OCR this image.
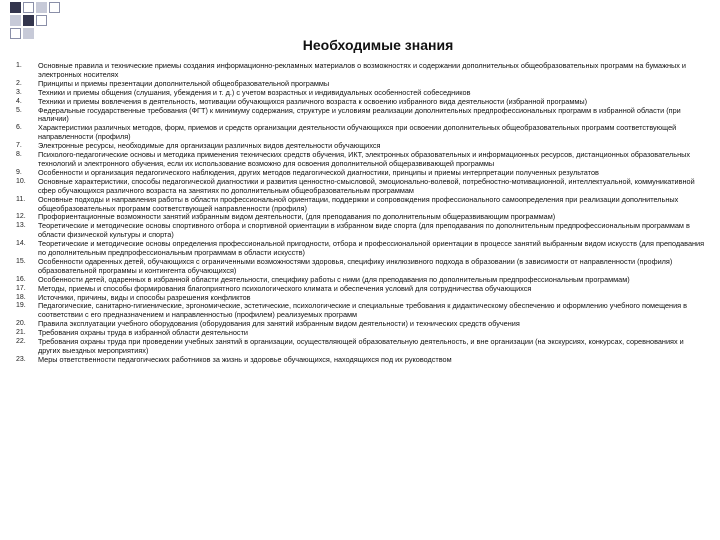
Необходимые знания
1.	Основные правила и технические приемы создания информационно-рекламных материалов о возможностях и содержании дополнительных общеобразовательных программ на бумажных и электронных носителях
2.	Принципы и приемы презентации дополнительной общеобразовательной программы
3.	Техники и приемы общения (слушания, убеждения и т. д.) с учетом возрастных и индивидуальных особенностей собеседников
4.	Техники и приемы вовлечения в деятельность, мотивации обучающихся различного возраста к освоению избранного вида деятельности (избранной программы)
5.	Федеральные государственные требования (ФГТ) к минимуму содержания, структуре и условиям реализации дополнительных предпрофессиональных программ в избранной области (при наличии)
6.	Характеристики различных методов, форм, приемов и средств организации деятельности обучающихся при освоении дополнительных общеобразовательных программ соответствующей направленности (профиля)
7.	Электронные ресурсы, необходимые для организации различных видов деятельности обучающихся
8.	Психолого-педагогические основы и методика применения технических средств обучения, ИКТ, электронных образовательных и информационных ресурсов, дистанционных образовательных технологий и электронного обучения, если их использование возможно для освоения дополнительной общеразвивающей программы
9.	Особенности и организация педагогического наблюдения, других методов педагогической диагностики, принципы и приемы интерпретации полученных результатов
10.	Основные характеристики, способы педагогической диагностики и развития ценностно-смысловой, эмоционально-волевой, потребностно-мотивационной, интеллектуальной, коммуникативной сфер обучающихся различного возраста на занятиях по дополнительным общеобразовательным программам
11.	Основные подходы и направления работы в области профессиональной ориентации, поддержки и сопровождения профессионального самоопределения при реализации дополнительных общеобразовательных программ соответствующей направленности (профиля)
12.	Профориентационные возможности занятий избранным видом деятельности, (для преподавания по дополнительным общеразвивающим программам)
13.	Теоретические и методические основы спортивного отбора и спортивной ориентации в избранном виде спорта (для преподавания по дополнительным предпрофессиональным программам в области физической культуры и спорта)
14.	Теоретические и методические основы определения профессиональной пригодности, отбора и профессиональной ориентации в процессе занятий выбранным видом искусств (для преподавания по дополнительным предпрофессиональным программам в области искусств)
15.	Особенности одаренных детей, обучающихся с ограниченными возможностями здоровья, специфику инклюзивного подхода в образовании (в зависимости от направленности (профиля) образовательной программы и контингента обучающихся)
16.	Особенности детей, одаренных в избранной области деятельности, специфику работы с ними (для преподавания по дополнительным предпрофессиональным программам)
17.	Методы, приемы и способы формирования благоприятного психологического климата и обеспечения условий для сотрудничества обучающихся
18.	Источники, причины, виды и способы разрешения конфликтов
19.	Педагогические, санитарно-гигиенические, эргономические, эстетические, психологические и специальные требования к дидактическому обеспечению и оформлению учебного помещения в соответствии с его предназначением и направленностью (профилем) реализуемых программ
20.	Правила эксплуатации учебного оборудования (оборудования для занятий избранным видом деятельности) и технических средств обучения
21.	Требования охраны труда в избранной области деятельности
22.	Требования охраны труда при проведении учебных занятий в организации, осуществляющей образовательную деятельность, и вне организации (на экскурсиях, конкурсах, соревнованиях и других выездных мероприятиях)
23.	Меры ответственности педагогических работников за жизнь и здоровье обучающихся, находящихся под их руководством
